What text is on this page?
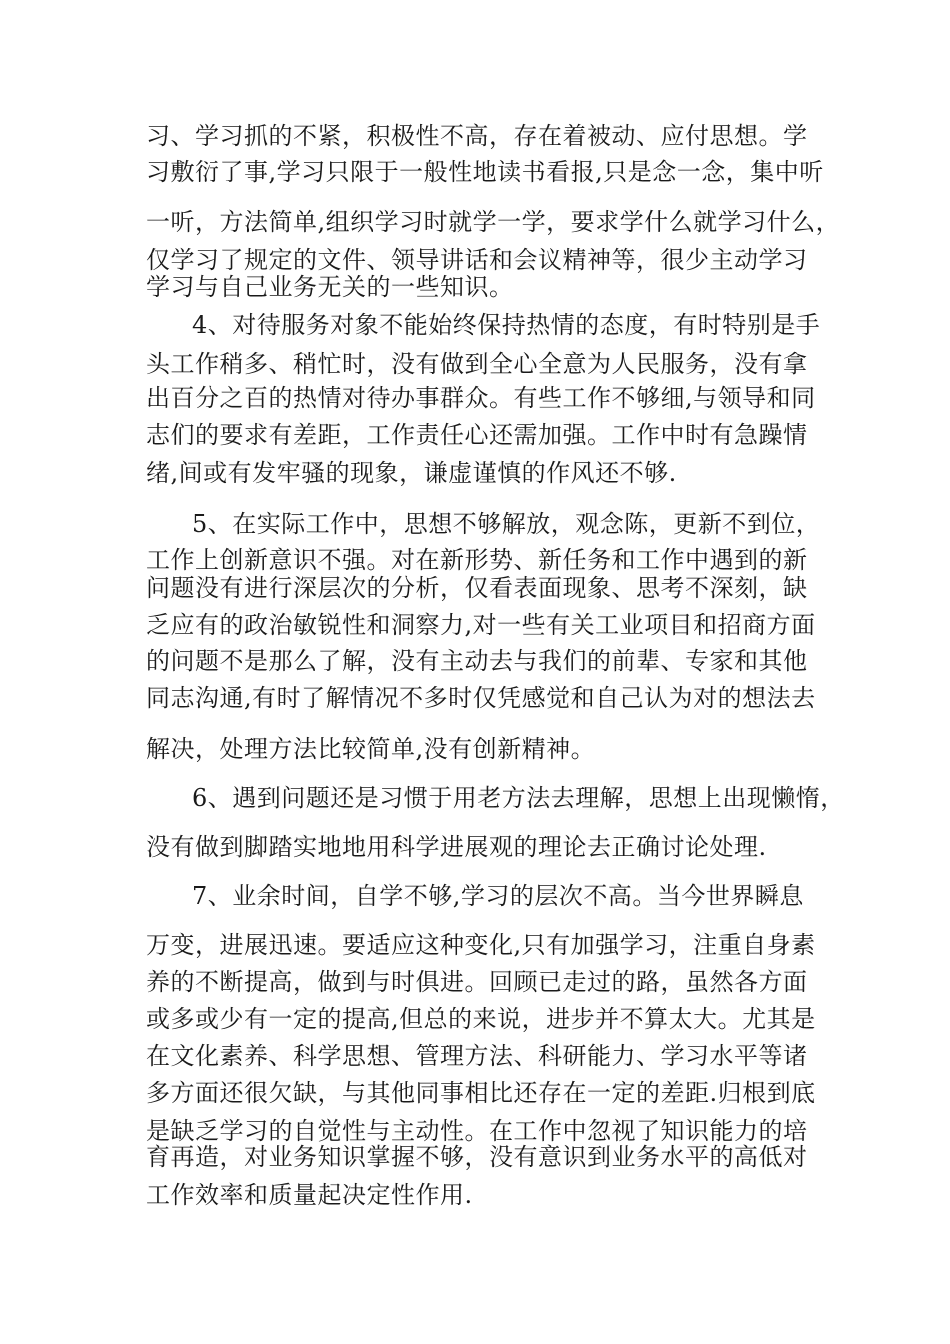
习、学习抓的不紧，积极性不高，存在着被动、应付思想。学
习敷衍了事,学习只限于一般性地读书看报,只是念一念，集中听
一听，方法简单,组织学习时就学一学，要求学什么就学习什么，
仅学习了规定的文件、领导讲话和会议精神等，很少主动学习
学习与自己业务无关的一些知识。
4、对待服务对象不能始终保持热情的态度，有时特别是手
头工作稍多、稍忙时，没有做到全心全意为人民服务，没有拿
出百分之百的热情对待办事群众。有些工作不够细,与领导和同
志们的要求有差距，工作责任心还需加强。工作中时有急躁情
绪,间或有发牢骚的现象，谦虚谨慎的作风还不够.
5、在实际工作中，思想不够解放，观念陈，更新不到位，
工作上创新意识不强。对在新形势、新任务和工作中遇到的新
问题没有进行深层次的分析，仅看表面现象、思考不深刻，缺
乏应有的政治敏锐性和洞察力,对一些有关工业项目和招商方面
的问题不是那么了解，没有主动去与我们的前辈、专家和其他
同志沟通,有时了解情况不多时仅凭感觉和自己认为对的想法去
解决，处理方法比较简单,没有创新精神。
6、遇到问题还是习惯于用老方法去理解，思想上出现懒惰，
没有做到脚踏实地地用科学进展观的理论去正确讨论处理.
7、业余时间，自学不够,学习的层次不高。当今世界瞬息
万变，进展迅速。要适应这种变化,只有加强学习，注重自身素
养的不断提高，做到与时俱进。回顾已走过的路，虽然各方面
或多或少有一定的提高,但总的来说，进步并不算太大。尤其是
在文化素养、科学思想、管理方法、科研能力、学习水平等诸
多方面还很欠缺，与其他同事相比还存在一定的差距.归根到底
是缺乏学习的自觉性与主动性。在工作中忽视了知识能力的培
育再造，对业务知识掌握不够，没有意识到业务水平的高低对
工作效率和质量起决定性作用.
